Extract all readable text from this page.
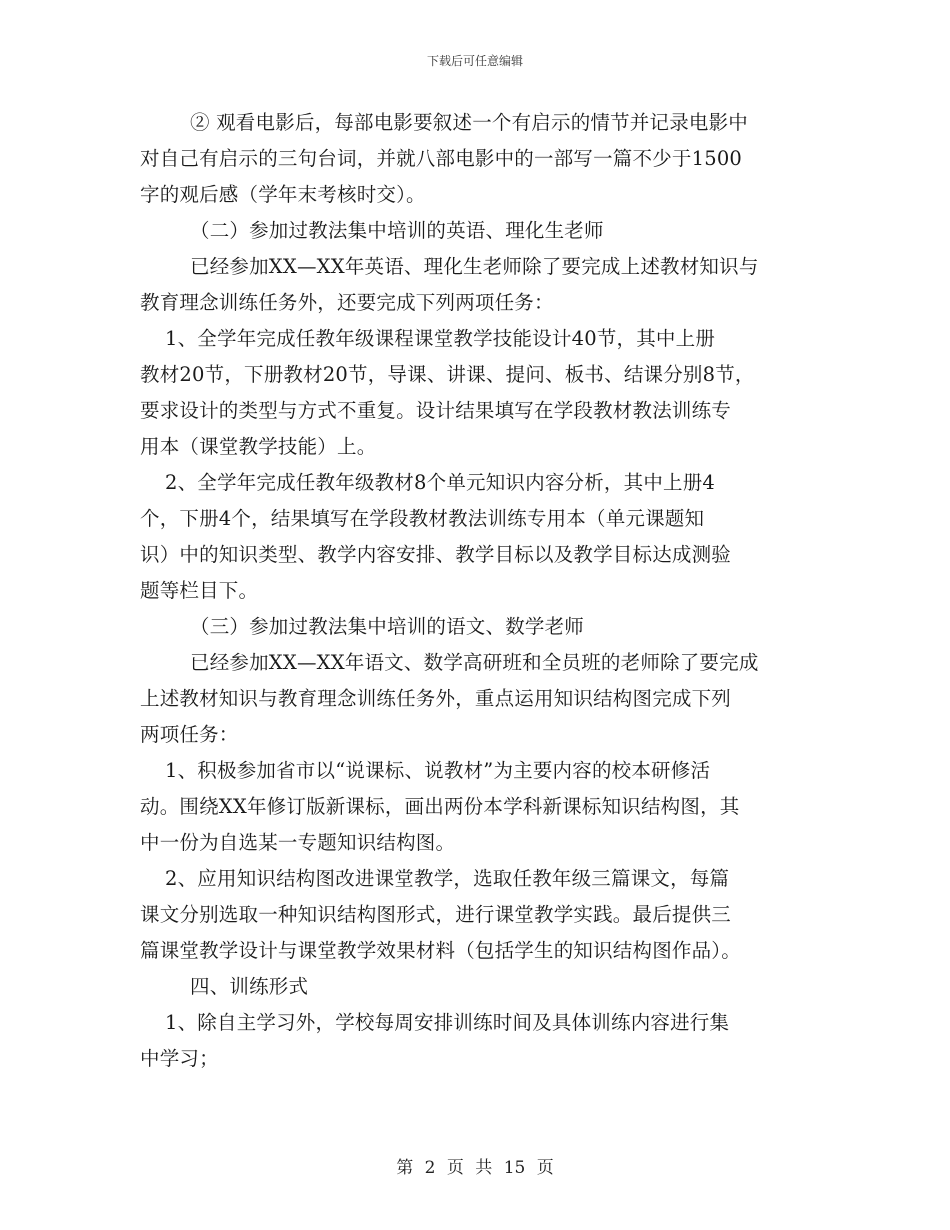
下载后可任意编辑
② 观看电影后，每部电影要叙述一个有启示的情节并记录电影中
对自己有启示的三句台词，并就八部电影中的一部写一篇不少于1500
字的观后感（学年末考核时交）。
（二）参加过教法集中培训的英语、理化生老师
已经参加XX—XX年英语、理化生老师除了要完成上述教材知识与
教育理念训练任务外，还要完成下列两项任务：
1、全学年完成任教年级课程课堂教学技能设计40节，其中上册
教材20节，下册教材20节，导课、讲课、提问、板书、结课分别8节，
要求设计的类型与方式不重复。设计结果填写在学段教材教法训练专
用本（课堂教学技能）上。
2、全学年完成任教年级教材8个单元知识内容分析，其中上册4
个，下册4个，结果填写在学段教材教法训练专用本（单元课题知
识）中的知识类型、教学内容安排、教学目标以及教学目标达成测验
题等栏目下。
（三）参加过教法集中培训的语文、数学老师
已经参加XX—XX年语文、数学高研班和全员班的老师除了要完成
上述教材知识与教育理念训练任务外，重点运用知识结构图完成下列
两项任务：
1、积极参加省市以“说课标、说教材”为主要内容的校本研修活
动。围绕XX年修订版新课标，画出两份本学科新课标知识结构图，其
中一份为自选某一专题知识结构图。
2、应用知识结构图改进课堂教学，选取任教年级三篇课文，每篇
课文分别选取一种知识结构图形式，进行课堂教学实践。最后提供三
篇课堂教学设计与课堂教学效果材料（包括学生的知识结构图作品）。
四、训练形式
1、除自主学习外，学校每周安排训练时间及具体训练内容进行集
中学习；
第 2 页 共 15 页
